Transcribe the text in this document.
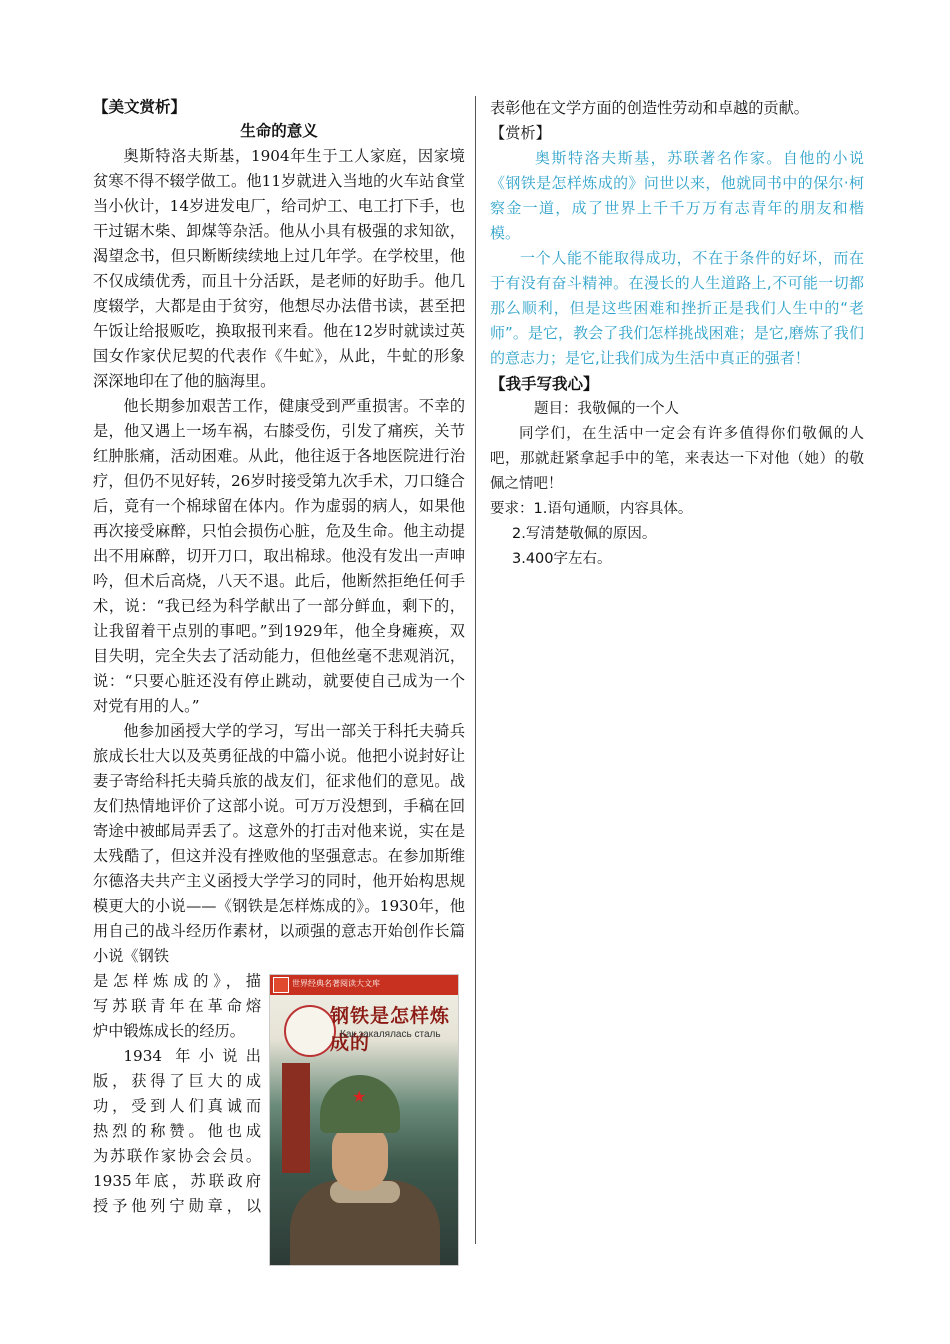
【美文赏析】

生命的意义

奥斯特洛夫斯基，1904年生于工人家庭，因家境贫寒不得不辍学做工。他11岁就进入当地的火车站食堂当小伙计，14岁进发电厂，给司炉工、电工打下手，也干过锯木柴、卸煤等杂活。他从小具有极强的求知欲，渴望念书，但只断断续续地上过几年学。在学校里，他不仅成绩优秀，而且十分活跃，是老师的好助手。他几度辍学，大都是由于贫穷，他想尽办法借书读，甚至把午饭让给报贩吃，换取报刊来看。他在12岁时就读过英国女作家伏尼契的代表作《牛虻》，从此，牛虻的形象深深地印在了他的脑海里。

他长期参加艰苦工作，健康受到严重损害。不幸的是，他又遇上一场车祸，右膝受伤，引发了痛疾，关节红肿胀痛，活动困难。从此，他往返于各地医院进行治疗，但仍不见好转，26岁时接受第九次手术，刀口缝合后，竟有一个棉球留在体内。作为虚弱的病人，如果他再次接受麻醉，只怕会损伤心脏，危及生命。他主动提出不用麻醉，切开刀口，取出棉球。他没有发出一声呻吟，但术后高烧，八天不退。此后，他断然拒绝任何手术，说：“我已经为科学献出了一部分鲜血，剩下的，让我留着干点别的事吧。”到1929年，他全身瘫痪，双目失明，完全失去了活动能力，但他丝毫不悲观消沉，说：“只要心脏还没有停止跳动，就要使自己成为一个对党有用的人。”

他参加函授大学的学习，写出一部关于科托夫骑兵旅成长壮大以及英勇征战的中篇小说。他把小说封好让妻子寄给科托夫骑兵旅的战友们，征求他们的意见。战友们热情地评价了这部小说。可万万没想到，手稿在回寄途中被邮局弄丢了。这意外的打击对他来说，实在是太残酷了，但这并没有挫败他的坚强意志。在参加斯维尔德洛夫共产主义函授大学学习的同时，他开始构思规模更大的小说——《钢铁是怎样炼成的》。1930年，他用自己的战斗经历作素材，以顽强的意志开始创作长篇小说《钢铁

是怎样炼成的》，描

写苏联青年在革命熔

炉中锻炼成长的经历。

1934 年小说出

版，获得了巨大的成

功，受到人们真诚而

热烈的称赞。他也成

为苏联作家协会会员。

1935年底，苏联政府

授予他列宁勋章，以

世界经典名著阅读大文库
钢铁是怎样炼成的
Как закалялась сталь
★

表彰他在文学方面的创造性劳动和卓越的贡献。

【赏析】

奥斯特洛夫斯基，苏联著名作家。自他的小说《钢铁是怎样炼成的》问世以来，他就同书中的保尔·柯察金一道，成了世界上千千万万有志青年的朋友和楷模。

一个人能不能取得成功，不在于条件的好坏，而在于有没有奋斗精神。在漫长的人生道路上,不可能一切都那么顺利，但是这些困难和挫折正是我们人生中的“老师”。是它，教会了我们怎样挑战困难；是它,磨炼了我们的意志力；是它,让我们成为生活中真正的强者！

【我手写我心】

题目：我敬佩的一个人

同学们，在生活中一定会有许多值得你们敬佩的人吧，那就赶紧拿起手中的笔，来表达一下对他（她）的敬佩之情吧！

要求：1.语句通顺，内容具体。

2.写清楚敬佩的原因。

3.400字左右。
